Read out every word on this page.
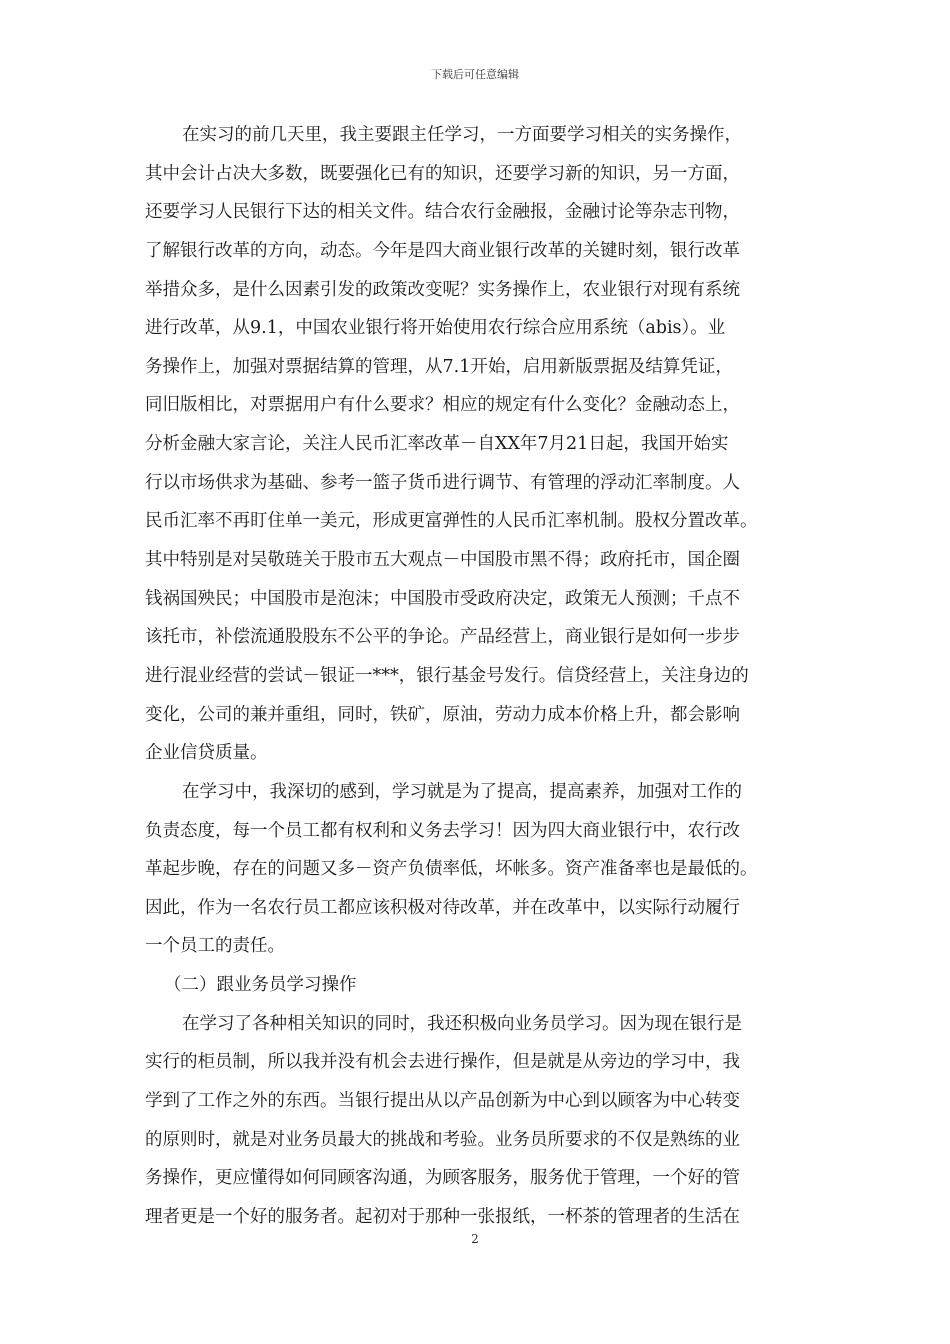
下载后可任意编辑
在实习的前几天里，我主要跟主任学习，一方面要学习相关的实务操作，
其中会计占决大多数，既要强化已有的知识，还要学习新的知识，另一方面，
还要学习人民银行下达的相关文件。结合农行金融报，金融讨论等杂志刊物，
了解银行改革的方向，动态。今年是四大商业银行改革的关键时刻，银行改革
举措众多，是什么因素引发的政策改变呢？实务操作上，农业银行对现有系统
进行改革，从9.1，中国农业银行将开始使用农行综合应用系统（abis）。业
务操作上，加强对票据结算的管理，从7.1开始，启用新版票据及结算凭证，
同旧版相比，对票据用户有什么要求？相应的规定有什么变化？金融动态上，
分析金融大家言论，关注人民币汇率改革－自XX年7月21日起，我国开始实
行以市场供求为基础、参考一篮子货币进行调节、有管理的浮动汇率制度。人
民币汇率不再盯住单一美元，形成更富弹性的人民币汇率机制。股权分置改革。
其中特别是对吴敬琏关于股市五大观点－中国股市黑不得；政府托市，国企圈
钱祸国殃民；中国股市是泡沫；中国股市受政府决定，政策无人预测；千点不
该托市，补偿流通股股东不公平的争论。产品经营上，商业银行是如何一步步
进行混业经营的尝试－银证一***，银行基金号发行。信贷经营上，关注身边的
变化，公司的兼并重组，同时，铁矿，原油，劳动力成本价格上升，都会影响
企业信贷质量。
在学习中，我深切的感到，学习就是为了提高，提高素养，加强对工作的
负责态度，每一个员工都有权利和义务去学习！因为四大商业银行中，农行改
革起步晚，存在的问题又多－资产负债率低，坏帐多。资产准备率也是最低的。
因此，作为一名农行员工都应该积极对待改革，并在改革中，以实际行动履行
一个员工的责任。
（二）跟业务员学习操作
在学习了各种相关知识的同时，我还积极向业务员学习。因为现在银行是
实行的柜员制，所以我并没有机会去进行操作，但是就是从旁边的学习中，我
学到了工作之外的东西。当银行提出从以产品创新为中心到以顾客为中心转变
的原则时，就是对业务员最大的挑战和考验。业务员所要求的不仅是熟练的业
务操作，更应懂得如何同顾客沟通，为顾客服务，服务优于管理，一个好的管
理者更是一个好的服务者。起初对于那种一张报纸，一杯茶的管理者的生活在
2
